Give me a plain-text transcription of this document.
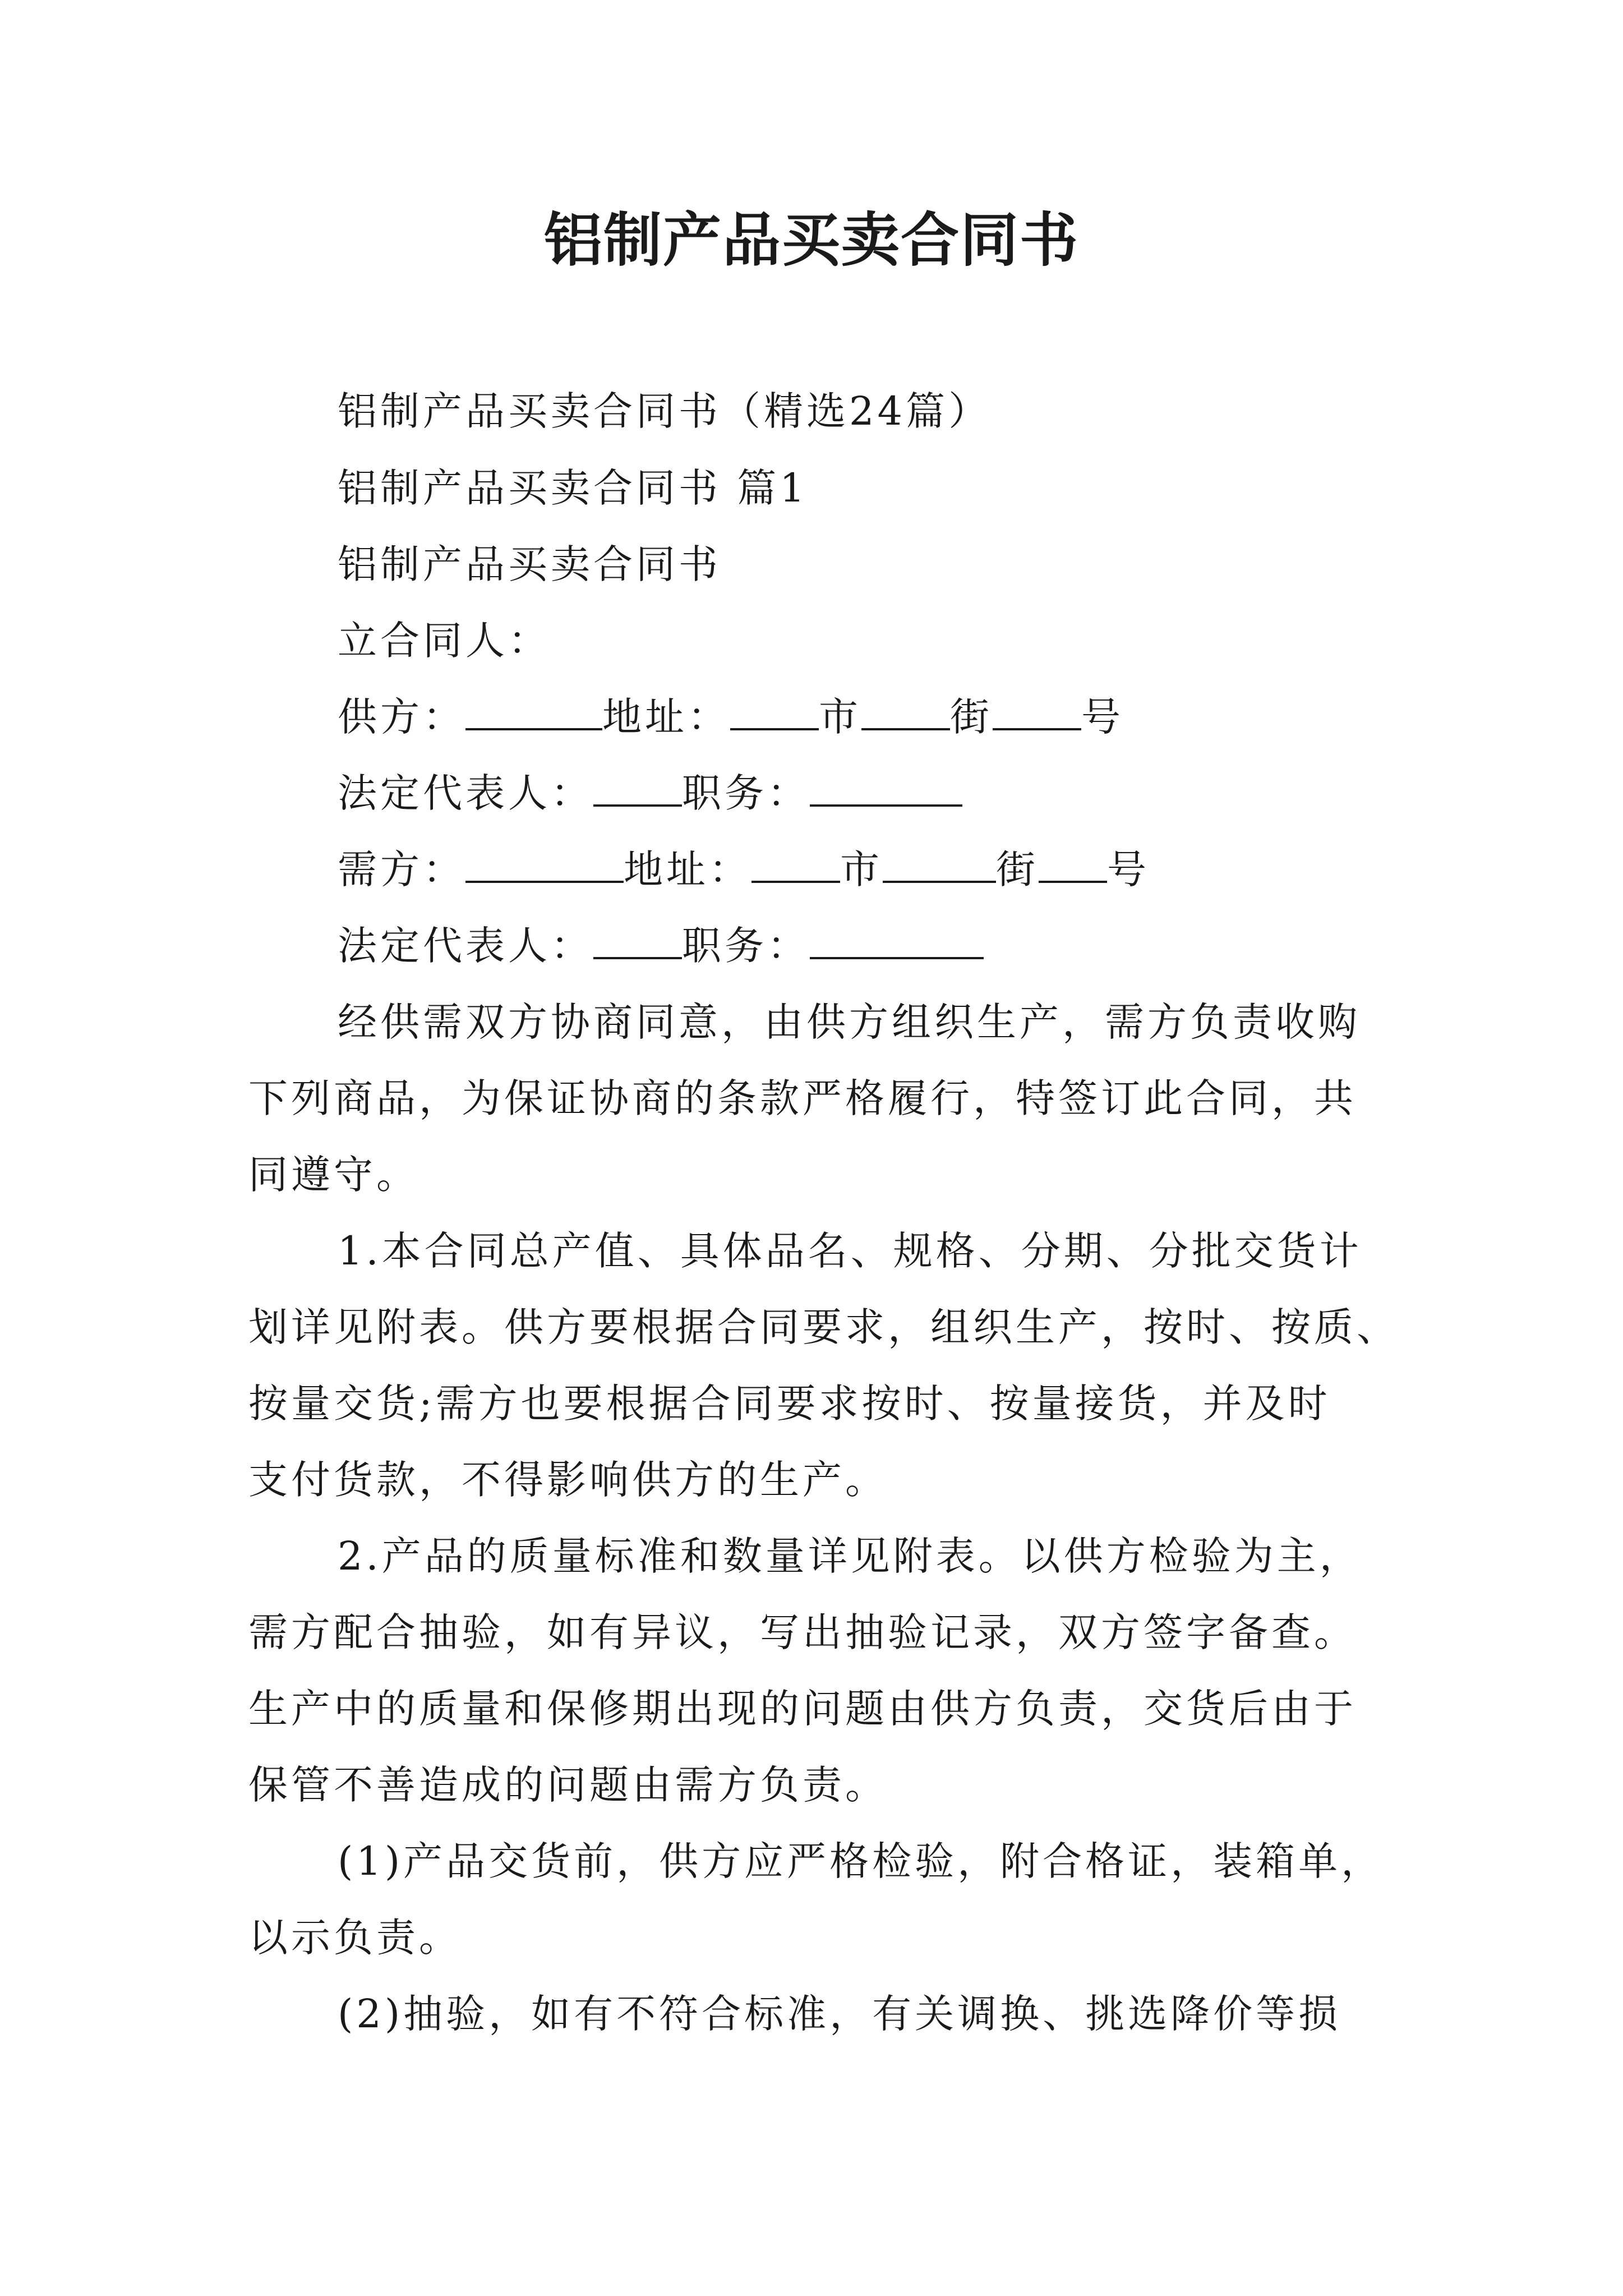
铝制产品买卖合同书
铝制产品买卖合同书（精选24篇）
铝制产品买卖合同书 篇1
铝制产品买卖合同书
立合同人：
供方：	地址： 市 街 号
法定代表人： 职务：
需方：	地址： 市	街 号
法定代表人： 职务：
经供需双方协商同意，由供方组织生产，需方负责收购
下列商品，为保证协商的条款严格履行，特签订此合同，共
同遵守。
1.本合同总产值、具体品名、规格、分期、分批交货计
划详见附表。供方要根据合同要求，组织生产，按时、按质、
按量交货;需方也要根据合同要求按时、按量接货，并及时
支付货款，不得影响供方的生产。
2.产品的质量标准和数量详见附表。以供方检验为主，
需方配合抽验，如有异议，写出抽验记录，双方签字备查。
生产中的质量和保修期出现的问题由供方负责，交货后由于
保管不善造成的问题由需方负责。
(1)产品交货前，供方应严格检验，附合格证，装箱单，
以示负责。
(2)抽验，如有不符合标准，有关调换、挑选降价等损
